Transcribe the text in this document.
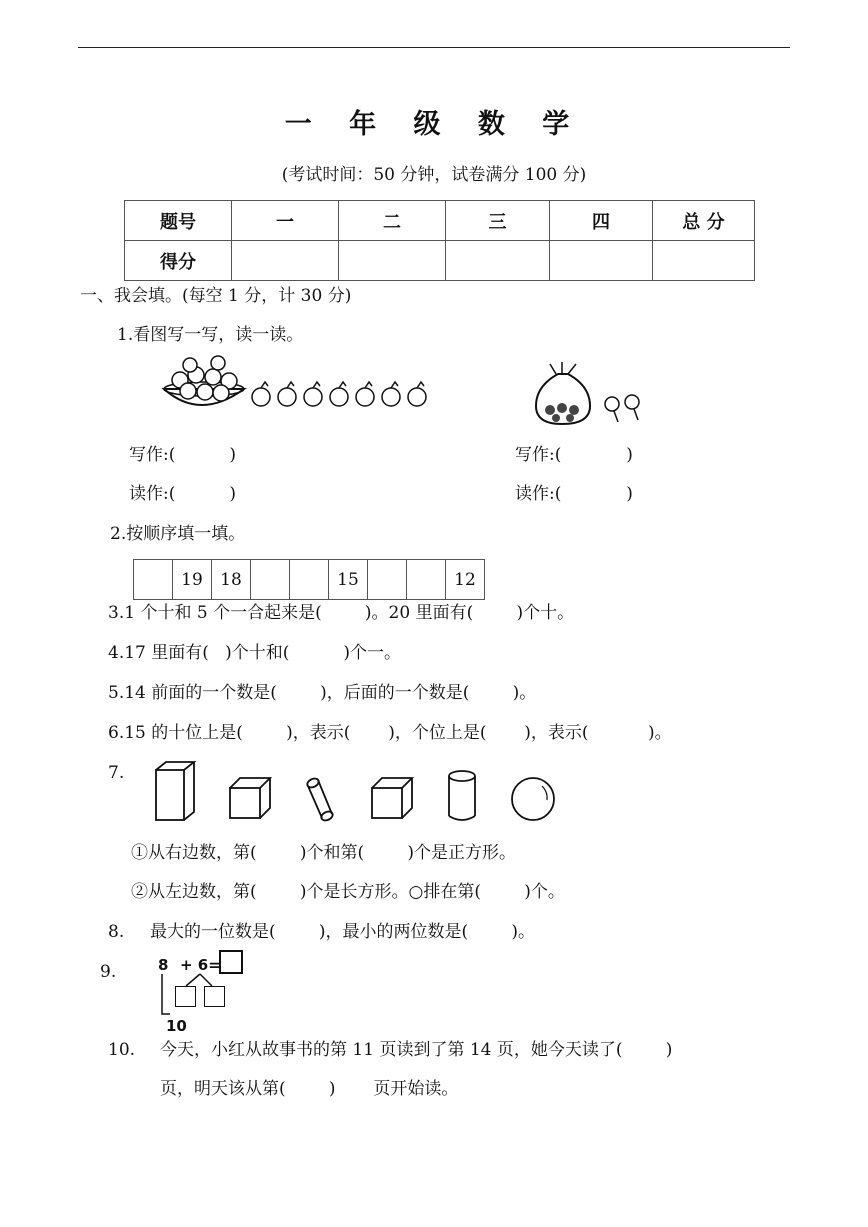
一 年 级 数 学
(考试时间：50 分钟，试卷满分 100 分)
题号	一	二	三	四	总 分
得分					
一、我会填。(每空 1 分，计 30 分)
1.看图写一写，读一读。
写作:(          )
读作:(          )
写作:(            )
读作:(            )
2.按顺序填一填。
	19	18			15			12
3.1 个十和 5 个一合起来是(        )。20 里面有(        )个十。
4.17 里面有(   )个十和(          )个一。
5.14 前面的一个数是(        )，后面的一个数是(        )。
6.15 的十位上是(        )，表示(       )，个位上是(       )，表示(           )。
7.
①从右边数，第(        )个和第(        )个是正方形。
②从左边数，第(        )个是长方形。○排在第(        )个。
8. 最大的一位数是(        )，最小的两位数是(        )。
9.	8 + 6=
10
10. 今天，小红从故事书的第 11 页读到了第 14 页，她今天读了(        )
页，明天该从第(        )       页开始读。
